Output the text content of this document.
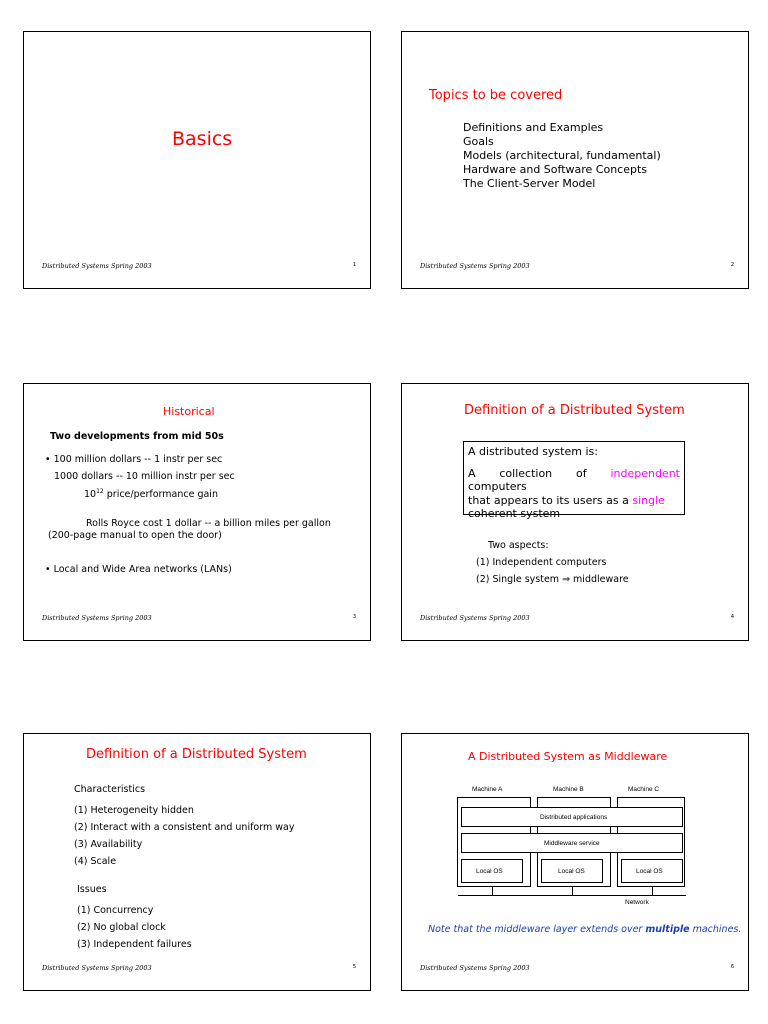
Basics
Distributed Systems Spring 2003	1
Topics to be covered
Definitions and Examples
Goals
Models (architectural, fundamental)
Hardware and Software Concepts
The Client-Server Model
Distributed Systems Spring 2003	2
Historical
Two developments from mid 50s
• 100 million dollars -- 1 instr per sec
1000 dollars -- 10 million instr per sec
$10^{12}$ price/performance gain
Rolls Royce cost 1 dollar -- a billion miles per gallon
(200-page manual to open the door)
• Local and Wide Area networks (LANs)
Distributed Systems Spring 2003	3
Definition of a Distributed System
A distributed system is:
A collection of independent computers
that appears to its users as a single
coherent system
Two aspects:
(1) Independent computers
(2) Single system ⇒ middleware
Distributed Systems Spring 2003	4
Definition of a Distributed System
Characteristics
(1) Heterogeneity hidden
(2) Interact with a consistent and uniform way
(3) Availability
(4) Scale
Issues
(1) Concurrency
(2) No global clock
(3) Independent failures
Distributed Systems Spring 2003	5
A Distributed System as Middleware
Machine A	Machine B	Machine C
Distributed applications
Middleware service
Local OS	Local OS	Local OS
Network
Note that the middleware layer extends over multiple machines.
Distributed Systems Spring 2003	6
